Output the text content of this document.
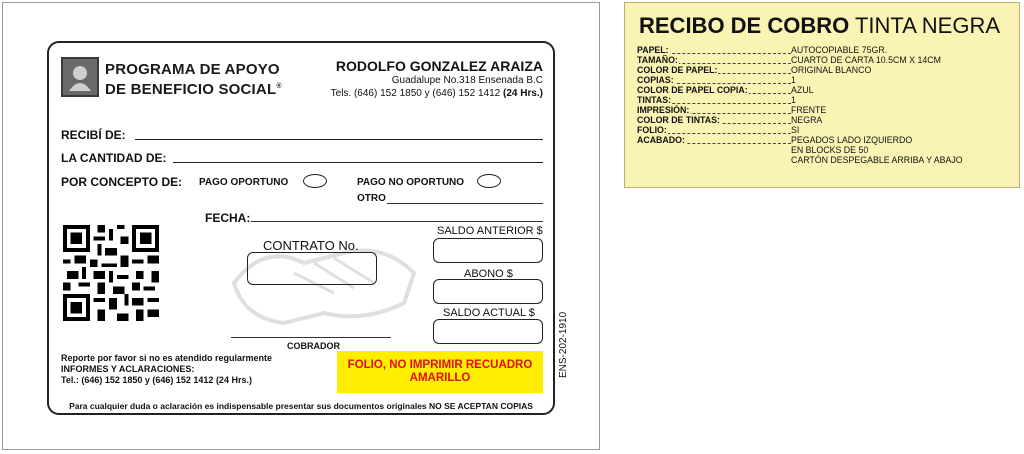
PROGRAMA DE APOYO
DE BENEFICIO SOCIAL®
RODOLFO GONZALEZ ARAIZA
Guadalupe No.318 Ensenada B.C
Tels. (646) 152 1850 y (646) 152 1412 (24 Hrs.)
RECIBÍ DE:
LA CANTIDAD DE:
POR CONCEPTO DE: PAGO OPORTUNO	PAGO NO OPORTUNO
OTRO
FECHA:
CONTRATO No.
SALDO ANTERIOR $
ABONO $
SALDO ACTUAL $
COBRADOR
Reporte por favor si no es atendido regularmente
INFORMES Y ACLARACIONES:
Tel.: (646) 152 1850 y (646) 152 1412 (24 Hrs.)
FOLIO, NO IMPRIMIR RECUADRO AMARILLO
Para cualquier duda o aclaración es indispensable presentar sus documentos originales NO SE ACEPTAN COPIAS
ENS-202-1910
RECIBO DE COBRO TINTA NEGRA
PAPEL:	AUTOCOPIABLE 75GR.
TAMAÑO:	CUARTO DE CARTA 10.5CM X 14CM
COLOR DE PAPEL:	ORIGINAL BLANCO
COPIAS:	1
COLOR DE PAPEL COPIA:	AZUL
TINTAS:	1
IMPRESIÓN:	FRENTE
COLOR DE TINTAS:	NEGRA
FOLIO:	SI
ACABADO:	PEGADOS LADO IZQUIERDO
EN BLOCKS DE 50
CARTÓN DESPEGABLE ARRIBA Y ABAJO
